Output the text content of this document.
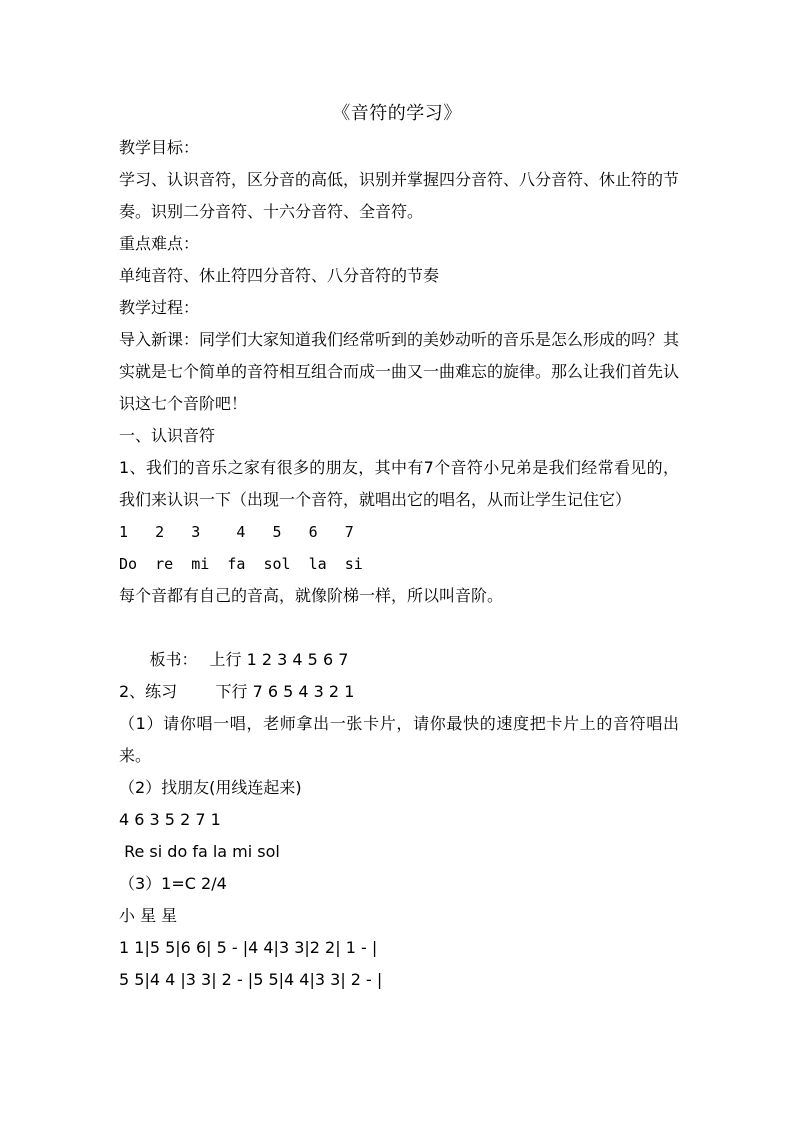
《音符的学习》
教学目标：
学习、认识音符，区分音的高低，识别并掌握四分音符、八分音符、休止符的节奏。识别二分音符、十六分音符、全音符。
重点难点：
单纯音符、休止符四分音符、八分音符的节奏
教学过程：
导入新课：同学们大家知道我们经常听到的美妙动听的音乐是怎么形成的吗？其实就是七个简单的音符相互组合而成一曲又一曲难忘的旋律。那么让我们首先认识这七个音阶吧！
一、认识音符
1、我们的音乐之家有很多的朋友，其中有7个音符小兄弟是我们经常看见的，我们来认识一下（出现一个音符，就唱出它的唱名，从而让学生记住它）
1   2   3    4   5   6   7
Do  re  mi  fa  sol  la  si
每个音都有自己的音高，就像阶梯一样，所以叫音阶。

板书： 上行 1 2 3 4 5 6 7

下行 7 6 5 4 3 2 1

2、练习
（1）请你唱一唱，老师拿出一张卡片，请你最快的速度把卡片上的音符唱出来。
（2）找朋友(用线连起来)
4 6 3 5 2 7 1
Re si do fa la mi sol
（3）1=C 2/4
小 星 星
1 1|5 5|6 6| 5 - |4 4|3 3|2 2| 1 - |
5 5|4 4 |3 3| 2 - |5 5|4 4|3 3| 2 - |
